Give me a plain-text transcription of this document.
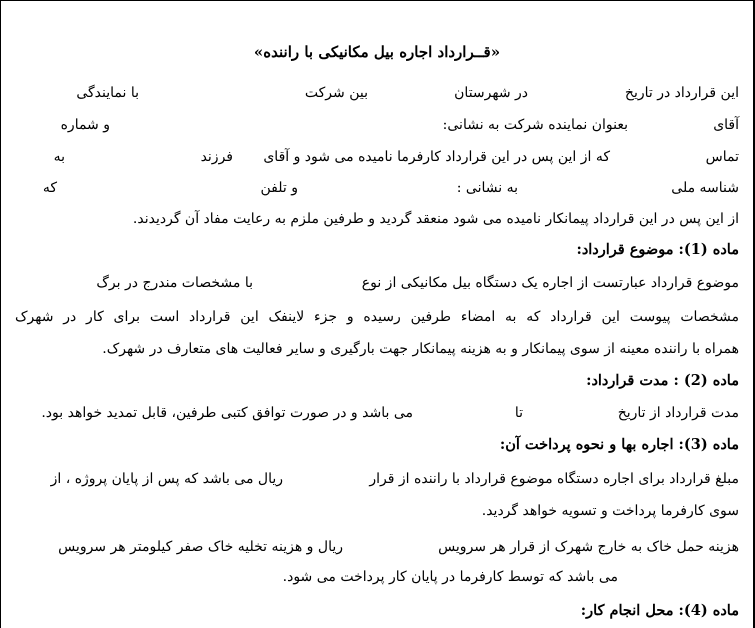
«قــرارداد اجاره بیل مکانیکی با راننده»
این قرارداد در تاریخ
در شهرستان
بین شرکت
با نمایندگی
آقای
بعنوان نماینده شرکت به نشانی:
و شماره
تماس
که از این پس در این قرارداد کارفرما نامیده می شود و آقای
فرزند
به
شناسه ملی
به نشانی :
و تلفن
که
از این پس در این قرارداد پیمانکار نامیده می شود منعقد گردید و طرفین ملزم به رعایت مفاد آن گردیدند.
ماده (1): موضوع قرارداد:
موضوع قرارداد عبارتست از اجاره یک دستگاه بیل مکانیکی از نوع
با مشخصات مندرج در برگ
مشخصات پیوست این قرارداد که به امضاء طرفین رسیده و جزء لاینفک این قرارداد است برای کار در شهرک
همراه با راننده معینه از سوی پیمانکار و به هزینه پیمانکار جهت بارگیری و سایر فعالیت های متعارف در شهرک.
ماده (2) : مدت قرارداد:
مدت قرارداد از تاریخ
تا
می باشد و در صورت توافق کتبی طرفین، قابل تمدید خواهد بود.
ماده (3): اجاره بها و نحوه پرداخت آن:
مبلغ قرارداد برای اجاره دستگاه موضوع قرارداد با راننده از قرار
ریال می باشد که پس از پایان پروژه ، از
سوی کارفرما پرداخت و تسویه خواهد گردید.
هزینه حمل خاک به خارج شهرک از قرار هر سرویس
ریال و هزینه تخلیه خاک صفر کیلومتر هر سرویس
می باشد که توسط کارفرما در پایان کار پرداخت می شود.
ماده (4): محل انجام کار:
